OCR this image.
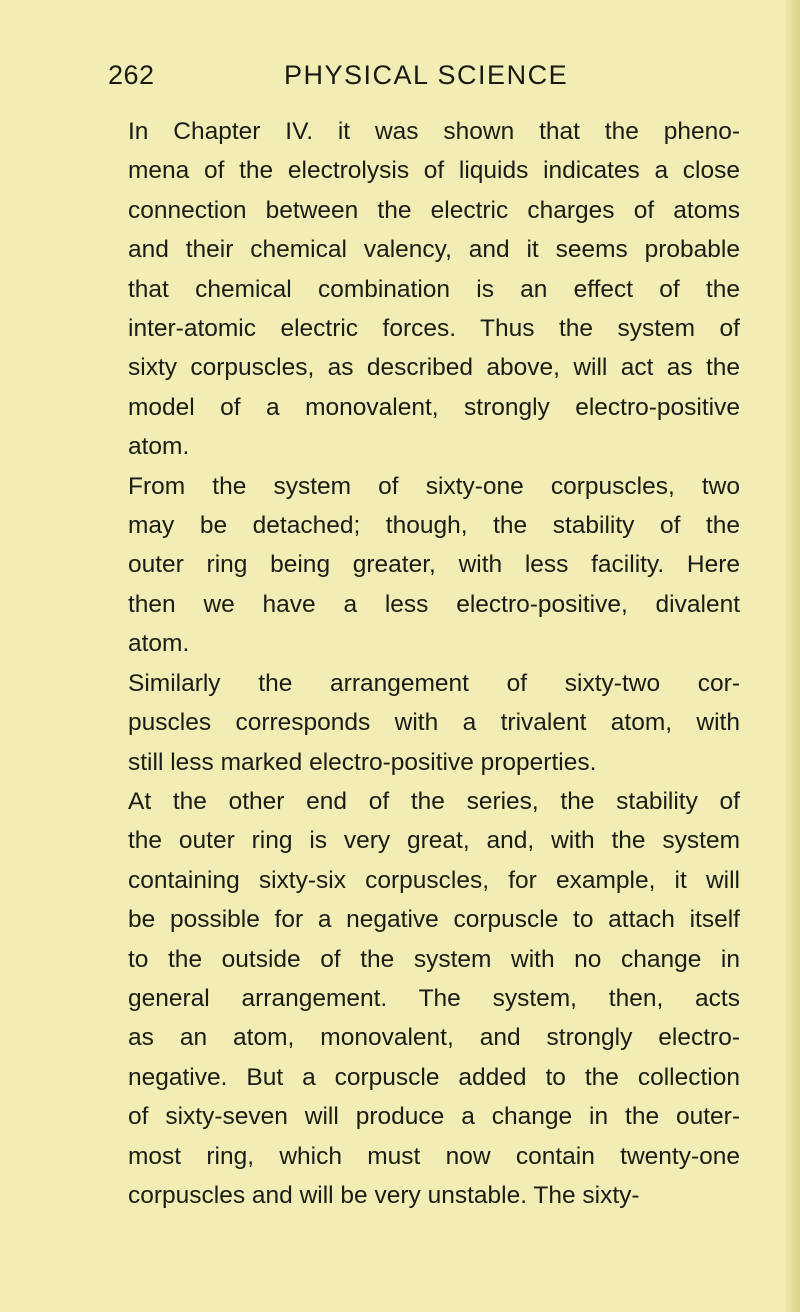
262	PHYSICAL SCIENCE
In Chapter IV. it was shown that the pheno-
mena of the electrolysis of liquids indicates a close
connection between the electric charges of atoms
and their chemical valency, and it seems probable
that chemical combination is an effect of the
inter-atomic electric forces. Thus the system of
sixty corpuscles, as described above, will act as the
model of a monovalent, strongly electro-positive
atom.
From the system of sixty-one corpuscles, two
may be detached; though, the stability of the
outer ring being greater, with less facility. Here
then we have a less electro-positive, divalent
atom.
Similarly the arrangement of sixty-two cor-
puscles corresponds with a trivalent atom, with
still less marked electro-positive properties.
At the other end of the series, the stability of
the outer ring is very great, and, with the system
containing sixty-six corpuscles, for example, it will
be possible for a negative corpuscle to attach itself
to the outside of the system with no change in
general arrangement. The system, then, acts
as an atom, monovalent, and strongly electro-
negative. But a corpuscle added to the collection
of sixty-seven will produce a change in the outer-
most ring, which must now contain twenty-one
corpuscles and will be very unstable. The sixty-
